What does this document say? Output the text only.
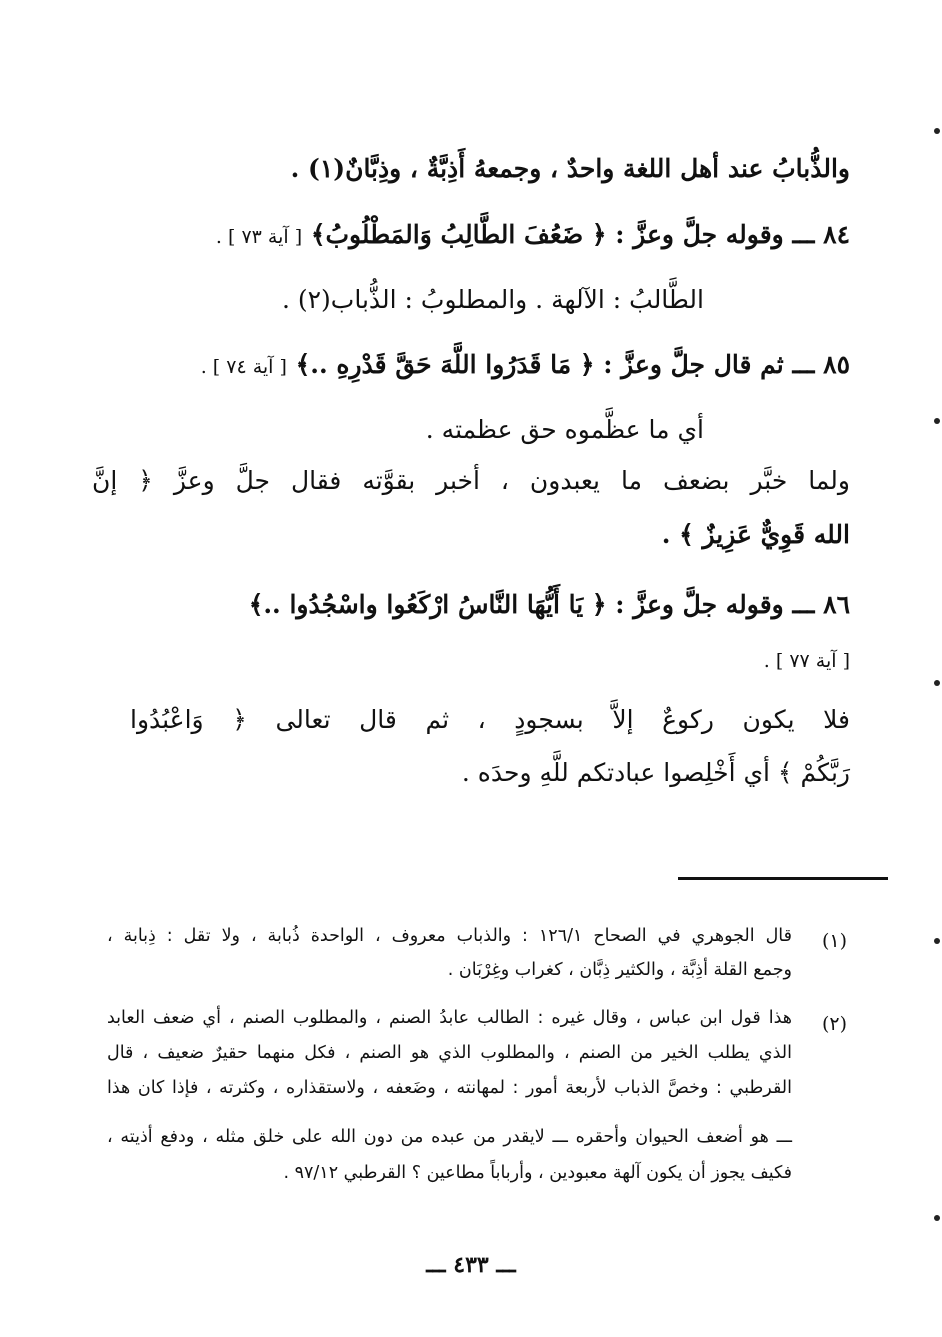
والذُّبابُ عند أهل اللغة واحدٌ ، وجمعهُ أَذِبَّةٌ ، وذِبَّانٌ(١) .
٨٤ ـــ وقوله جلَّ وعزَّ : ﴿ ضَعُفَ الطَّالِبُ وَالمَطْلُوبُ﴾ [ آية ٧٣ ] .
الطَّالبُ : الآلهة . والمطلوبُ : الذُّباب(٢) .
٨٥ ـــ ثم قال جلَّ وعزَّ : ﴿ مَا قَدَرُوا اللَّهَ حَقَّ قَدْرِهِ ..﴾ [ آية ٧٤ ] .
أي ما عظَّموه حق عظمته .
ولما خبَّر بضعف ما يعبدون ، أخبر بقوَّته فقال جلَّ وعزَّ ﴿ إنَّ
الله قَوِيٌّ عَزِيزٌ ﴾ .
٨٦ ـــ وقوله جلَّ وعزَّ : ﴿ يَا أَيُّهَا النَّاسُ ارْكَعُوا واسْجُدُوا ..﴾
[ آية ٧٧ ] .
فلا يكون ركوعٌ إلاَّ بسجودٍ ، ثم قال تعالى ﴿ وَاعْبُدُوا
رَبَّكُمْ ﴾ أي أَخْلِصوا عبادتكم للَّهِ وحدَه .
(١)
قال الجوهري في الصحاح ١٢٦/١ : والذباب معروف ، الواحدة ذُبابة ، ولا تقل : ذِبابة ،
وجمع القلة أذِبَّة ، والكثير ذِبَّان ، كغراب وغِرْبَان .
(٢)
هذا قول ابن عباس ، وقال غيره : الطالب عابدُ الصنم ، والمطلوب الصنم ، أي ضعف العابد
الذي يطلب الخير من الصنم ، والمطلوب الذي هو الصنم ، فكل منهما حقيرٌ ضعيف ، قال
القرطبي : وخصَّ الذباب لأربعة أمور : لمهانته ، وضَعفه ، ولاستقذاره ، وكثرته ، فإذا كان هذا
ـــ هو أضعف الحيوان وأحقره ـــ لايقدر من عبده من دون الله على خلق مثله ، ودفع أذيته ،
فكيف يجوز أن يكون آلهة معبودين ، وأرباباً مطاعين ؟ القرطبي ٩٧/١٢ .
ـــ ٤٣٣ ـــ
